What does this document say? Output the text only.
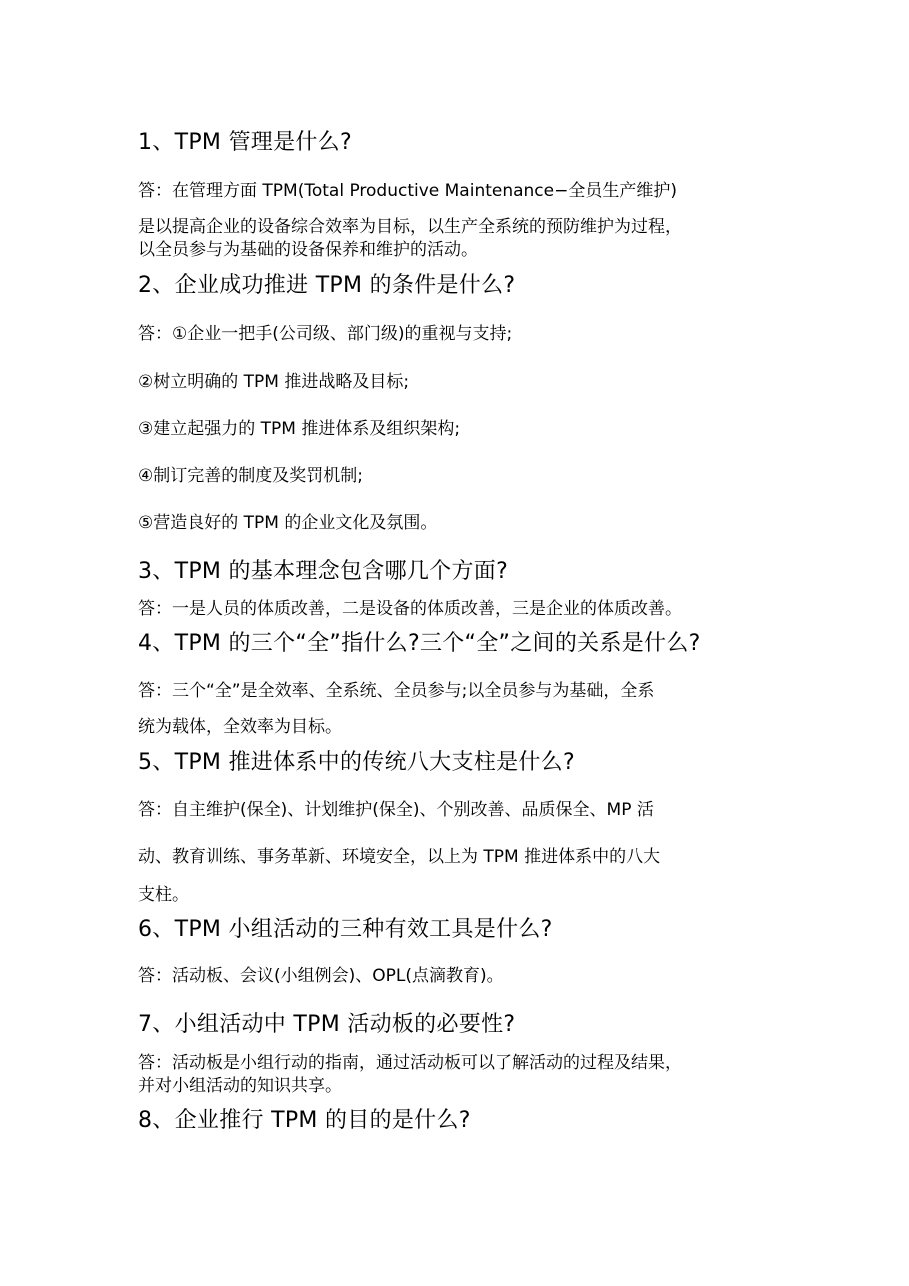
1、TPM 管理是什么?
答：在管理方面 TPM(Total Productive Maintenance−全员生产维护)
是以提高企业的设备综合效率为目标，以生产全系统的预防维护为过程，
以全员参与为基础的设备保养和维护的活动。
2、企业成功推进 TPM 的条件是什么?
答：①企业一把手(公司级、部门级)的重视与支持;
②树立明确的 TPM 推进战略及目标;
③建立起强力的 TPM 推进体系及组织架构;
④制订完善的制度及奖罚机制;
⑤营造良好的 TPM 的企业文化及氛围。
3、TPM 的基本理念包含哪几个方面?
答：一是人员的体质改善，二是设备的体质改善，三是企业的体质改善。
4、TPM 的三个“全”指什么?三个“全”之间的关系是什么?
答：三个“全”是全效率、全系统、全员参与;以全员参与为基础，全系
统为载体，全效率为目标。
5、TPM 推进体系中的传统八大支柱是什么?
答：自主维护(保全)、计划维护(保全)、个别改善、品质保全、MP 活
动、教育训练、事务革新、环境安全，以上为 TPM 推进体系中的八大
支柱。
6、TPM 小组活动的三种有效工具是什么?
答：活动板、会议(小组例会)、OPL(点滴教育)。
7、小组活动中 TPM 活动板的必要性?
答：活动板是小组行动的指南，通过活动板可以了解活动的过程及结果，
并对小组活动的知识共享。
8、企业推行 TPM 的目的是什么?
